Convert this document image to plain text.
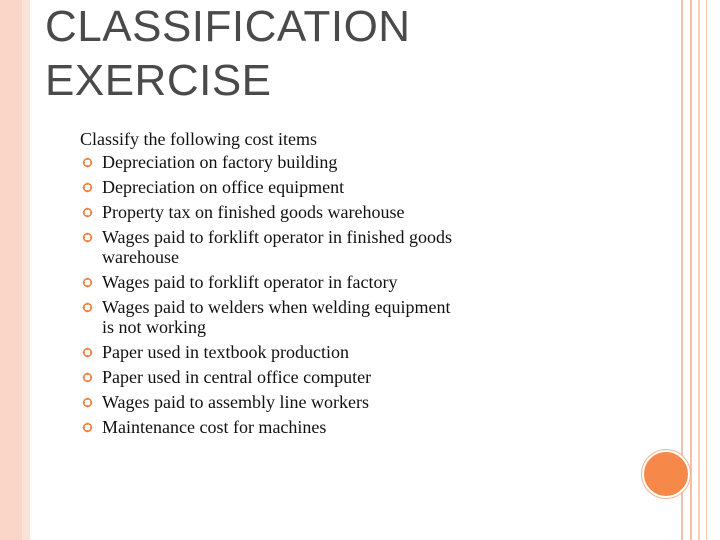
CLASSIFICATION
EXERCISE

Classify the following cost items

Depreciation on factory building
Depreciation on office equipment
Property tax on finished goods warehouse
Wages paid to forklift operator in finished goods warehouse
Wages paid to forklift operator in factory
Wages paid to welders when welding equipment is not working
Paper used in textbook production
Paper used in central office computer
Wages paid to assembly line workers
Maintenance cost for machines
